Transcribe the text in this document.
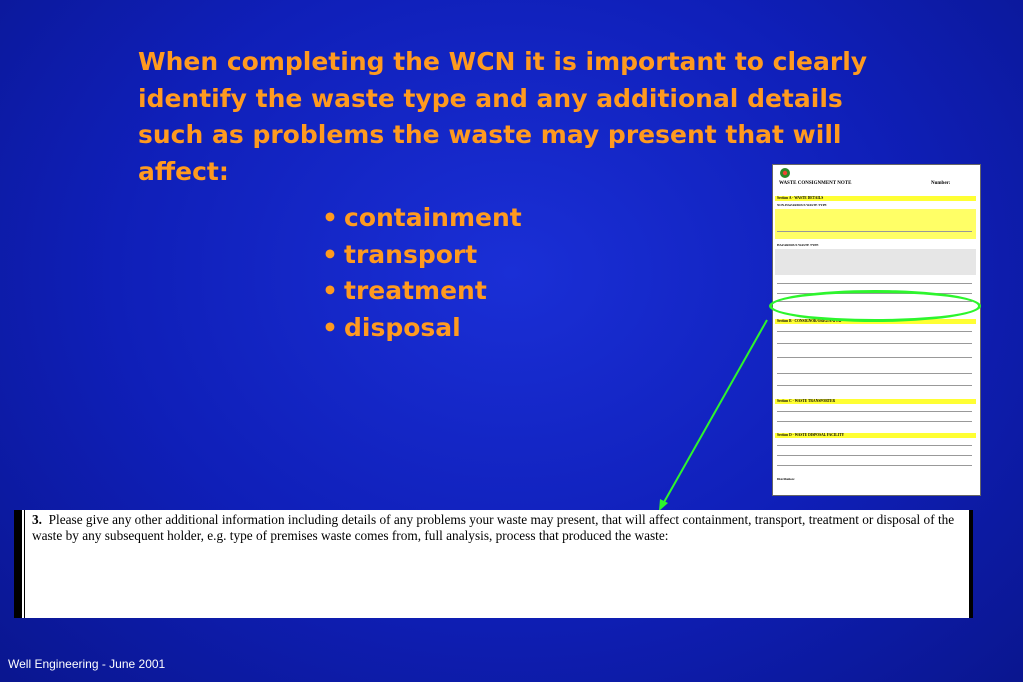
When completing the WCN it is important to clearly
identify the waste type and any additional details
such as problems the waste may present that will
affect:
• containment
• transport
• treatment
• disposal
WASTE CONSIGNMENT NOTE	Number:
Section A - WASTE DETAILS
NON-HAZARDOUS WASTE TYPE
HAZARDOUS WASTE TYPE
Section B - CONSIGNOR/ORIGINATOR
Section C - WASTE TRANSPORTER
Section D - WASTE DISPOSAL FACILITY
Distribution:

3. Please give any other additional information including details of any problems your waste may present, that will affect containment, transport, treatment or disposal of the waste by any subsequent holder, e.g. type of premises waste comes from, full analysis, process that produced the waste:

Well Engineering - June 2001
